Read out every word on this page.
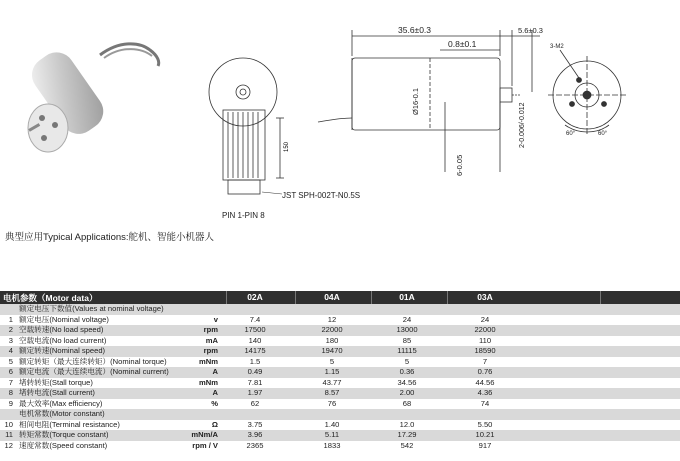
150
JST SPH-002T-N0.5S
PIN 1-PIN 8
35.6±0.3
0.8±0.1
5.6±0.3
Ø16-0.1
6-0.05
2-0.006/-0.012
3-M2
60°	60°
典型应用Typical Applications:舵机、智能小机器人
电机参数（Motor data）	02A	04A	01A	03A
额定电压下数值(Values at nominal voltage)
1 额定电压(Nominal voltage)	v	7.4	12	24	24
2 空载转速(No load speed)	rpm	17500	22000	13000	22000
3 空载电流(No load current)	mA	140	180	85	110
4 额定转速(Nominal speed)	rpm	14175	19470	11115	18590
5 额定转矩（最大连续转矩）(Nominal torque)	mNm	1.5	5	5	7
6 额定电流（最大连续电流）(Nominal current)	A	0.49	1.15	0.36	0.76
7 堵转转矩(Stall torque)	mNm	7.81	43.77	34.56	44.56
8 堵转电流(Stall current)	A	1.97	8.57	2.00	4.36
9 最大效率(Max efficiency)	%	62	76	68	74
电机常数(Motor constant)
10 相间电阻(Terminal resistance)	Ω	3.75	1.40	12.0	5.50
11 转矩常数(Torque constant)	mNm/A	3.96	5.11	17.29	10.21
12 速度常数(Speed constant)	rpm / V	2365	1833	542	917
